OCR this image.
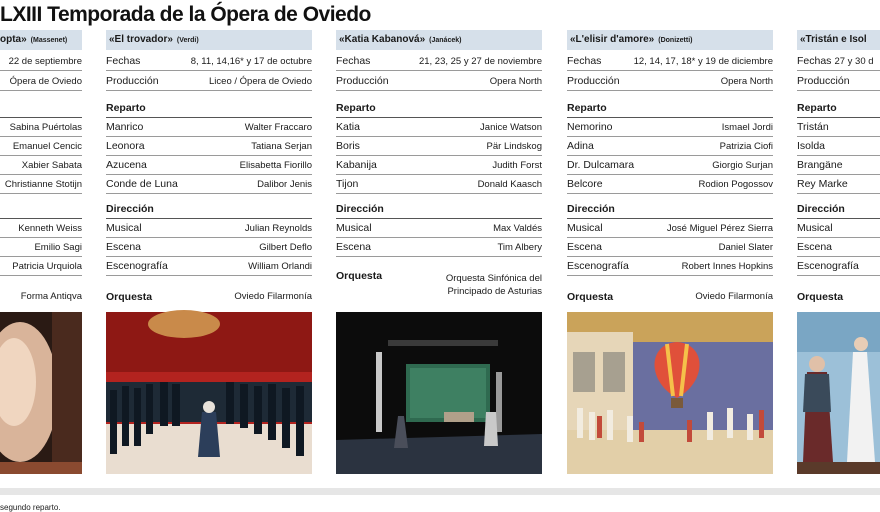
LXIII Temporada de la Ópera de Oviedo
opta» (Massenet)
22 de septiembre
Ópera de Oviedo
Sabina Puértolas
Emanuel Cencic
Xabier Sabata
Christianne Stotijn
Kenneth Weiss
Emilio Sagi
Patricia Urquiola
Forma Antiqva
segundo reparto.
«El trovador» (Verdi)
Fechas	8, 11, 14,16* y 17 de octubre
Producción	Liceo / Ópera de Oviedo
Reparto
Manrico	Walter Fraccaro
Leonora	Tatiana Serjan
Azucena	Elisabetta Fiorillo
Conde de Luna	Dalibor Jenis
Dirección
Musical	Julian Reynolds
Escena	Gilbert Deflo
Escenografía	William Orlandi
Orquesta	Oviedo Filarmonía
«Katia Kabanová» (Janácek)
Fechas	21, 23, 25 y 27 de noviembre
Producción	Opera North
Reparto
Katia	Janice Watson
Boris	Pär Lindskog
Kabanija	Judith Forst
Tijon	Donald Kaasch
Dirección
Musical	Max Valdés
Escena	Tim Albery
Orquesta	Orquesta Sinfónica del Principado de Asturias
«L'elisir d'amore» (Donizetti)
Fechas	12, 14, 17, 18* y 19 de diciembre
Producción	Opera North
Reparto
Nemorino	Ismael Jordi
Adina	Patrizia Ciofi
Dr. Dulcamara	Giorgio Surjan
Belcore	Rodion Pogossov
Dirección
Musical	José Miguel Pérez Sierra
Escena	Daniel Slater
Escenografía	Robert Innes Hopkins
Orquesta	Oviedo Filarmonía
«Tristán e Isol
Fechas 27 y 30 d
Producción
Reparto
Tristán
Isolda
Brangäne
Rey Marke
Dirección
Musical
Escena
Escenografía
Orquesta
